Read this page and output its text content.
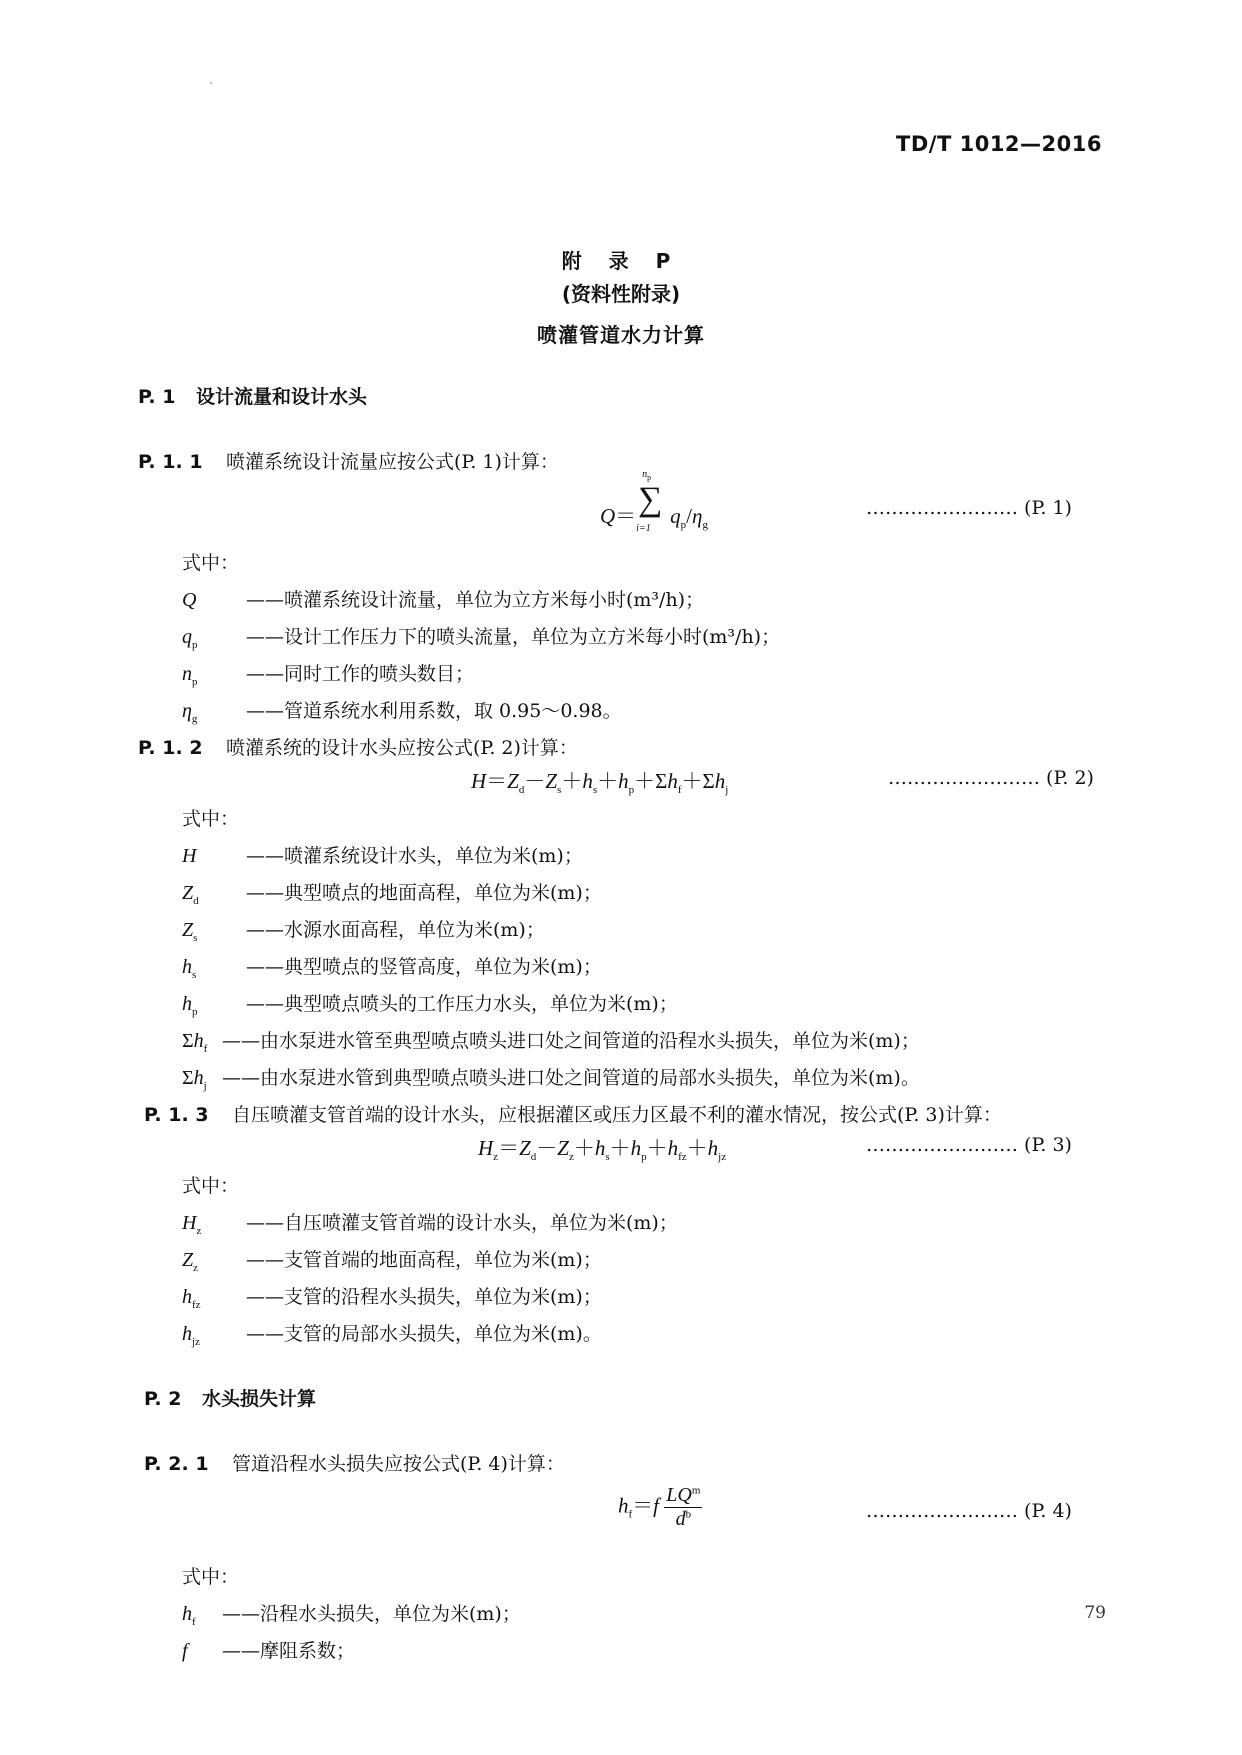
TD/T 1012—2016
附 录 P
(资料性附录)
喷灌管道水力计算
P. 1 设计流量和设计水头
P. 1. 1 喷灌系统设计流量应按公式(P. 1)计算：
Q＝
$n_p$
∑
i=1
$q_p/\eta_g$
…………………… (P. 1)
式中：
Q	——喷灌系统设计流量，单位为立方米每小时(m³/h)；
$q_p$	——设计工作压力下的喷头流量，单位为立方米每小时(m³/h)；
$n_p$	——同时工作的喷头数目；
$\eta_g$	——管道系统水利用系数，取 0.95～0.98。
P. 1. 2 喷灌系统的设计水头应按公式(P. 2)计算：
$H=Z_d-Z_s+h_s+h_p+\Sigma h_f+\Sigma h_j$
…………………… (P. 2)
式中：
H	——喷灌系统设计水头，单位为米(m)；
$Z_d$ ——典型喷点的地面高程，单位为米(m)；
$Z_s$	——水源水面高程，单位为米(m)；
$h_s$	——典型喷点的竖管高度，单位为米(m)；
$h_p$	——典型喷点喷头的工作压力水头，单位为米(m)；
$\Sigma h_f$ ——由水泵进水管至典型喷点喷头进口处之间管道的沿程水头损失，单位为米(m)；
$\Sigma h_j$ ——由水泵进水管到典型喷点喷头进口处之间管道的局部水头损失，单位为米(m)。
P. 1. 3 自压喷灌支管首端的设计水头，应根据灌区或压力区最不利的灌水情况，按公式(P. 3)计算：
$H_z=Z_d-Z_z+h_s+h_p+h_{fz}+h_{jz}$
…………………… (P. 3)
式中：
$H_z$ ——自压喷灌支管首端的设计水头，单位为米(m)；
$Z_z$	——支管首端的地面高程，单位为米(m)；
$h_{fz}$ ——支管的沿程水头损失，单位为米(m)；
$h_{jz}$ ——支管的局部水头损失，单位为米(m)。
P. 2 水头损失计算
P. 2. 1 管道沿程水头损失应按公式(P. 4)计算：
$h_f=f \frac{LQ^m}{d^b}$	…………………… (P. 4)
式中：
$h_f$ ——沿程水头损失，单位为米(m)；
f ——摩阻系数；
79
